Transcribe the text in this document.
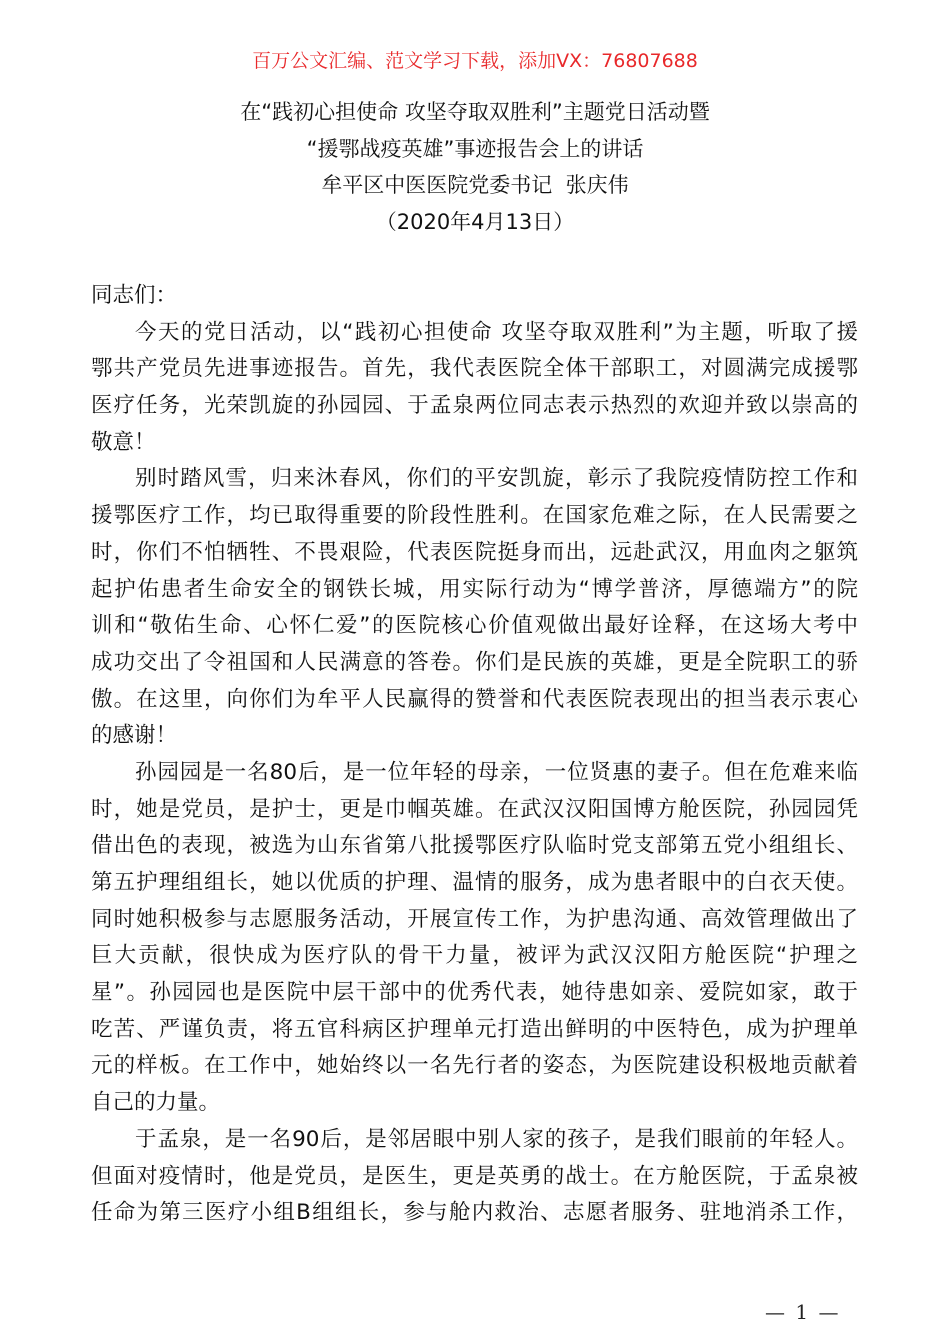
百万公文汇编、范文学习下载，添加VX：76807688
在“践初心担使命 攻坚夺取双胜利”主题党日活动暨
“援鄂战疫英雄”事迹报告会上的讲话
牟平区中医医院党委书记  张庆伟
（2020年4月13日）
同志们：
今天的党日活动，以“践初心担使命 攻坚夺取双胜利”为主题，听取了援
鄂共产党员先进事迹报告。首先，我代表医院全体干部职工，对圆满完成援鄂
医疗任务，光荣凯旋的孙园园、于孟泉两位同志表示热烈的欢迎并致以崇高的
敬意！
别时踏风雪，归来沐春风，你们的平安凯旋，彰示了我院疫情防控工作和
援鄂医疗工作，均已取得重要的阶段性胜利。在国家危难之际，在人民需要之
时，你们不怕牺牲、不畏艰险，代表医院挺身而出，远赴武汉，用血肉之躯筑
起护佑患者生命安全的钢铁长城，用实际行动为“博学普济，厚德端方”的院
训和“敬佑生命、心怀仁爱”的医院核心价值观做出最好诠释，在这场大考中
成功交出了令祖国和人民满意的答卷。你们是民族的英雄，更是全院职工的骄
傲。在这里，向你们为牟平人民赢得的赞誉和代表医院表现出的担当表示衷心
的感谢！
孙园园是一名80后，是一位年轻的母亲，一位贤惠的妻子。但在危难来临
时，她是党员，是护士，更是巾帼英雄。在武汉汉阳国博方舱医院，孙园园凭
借出色的表现，被选为山东省第八批援鄂医疗队临时党支部第五党小组组长、
第五护理组组长，她以优质的护理、温情的服务，成为患者眼中的白衣天使。
同时她积极参与志愿服务活动，开展宣传工作，为护患沟通、高效管理做出了
巨大贡献，很快成为医疗队的骨干力量，被评为武汉汉阳方舱医院“护理之
星”。孙园园也是医院中层干部中的优秀代表，她待患如亲、爱院如家，敢于
吃苦、严谨负责，将五官科病区护理单元打造出鲜明的中医特色，成为护理单
元的样板。在工作中，她始终以一名先行者的姿态，为医院建设积极地贡献着
自己的力量。
于孟泉，是一名90后，是邻居眼中别人家的孩子，是我们眼前的年轻人。
但面对疫情时，他是党员，是医生，更是英勇的战士。在方舱医院，于孟泉被
任命为第三医疗小组B组组长，参与舱内救治、志愿者服务、驻地消杀工作，
— 1 —
